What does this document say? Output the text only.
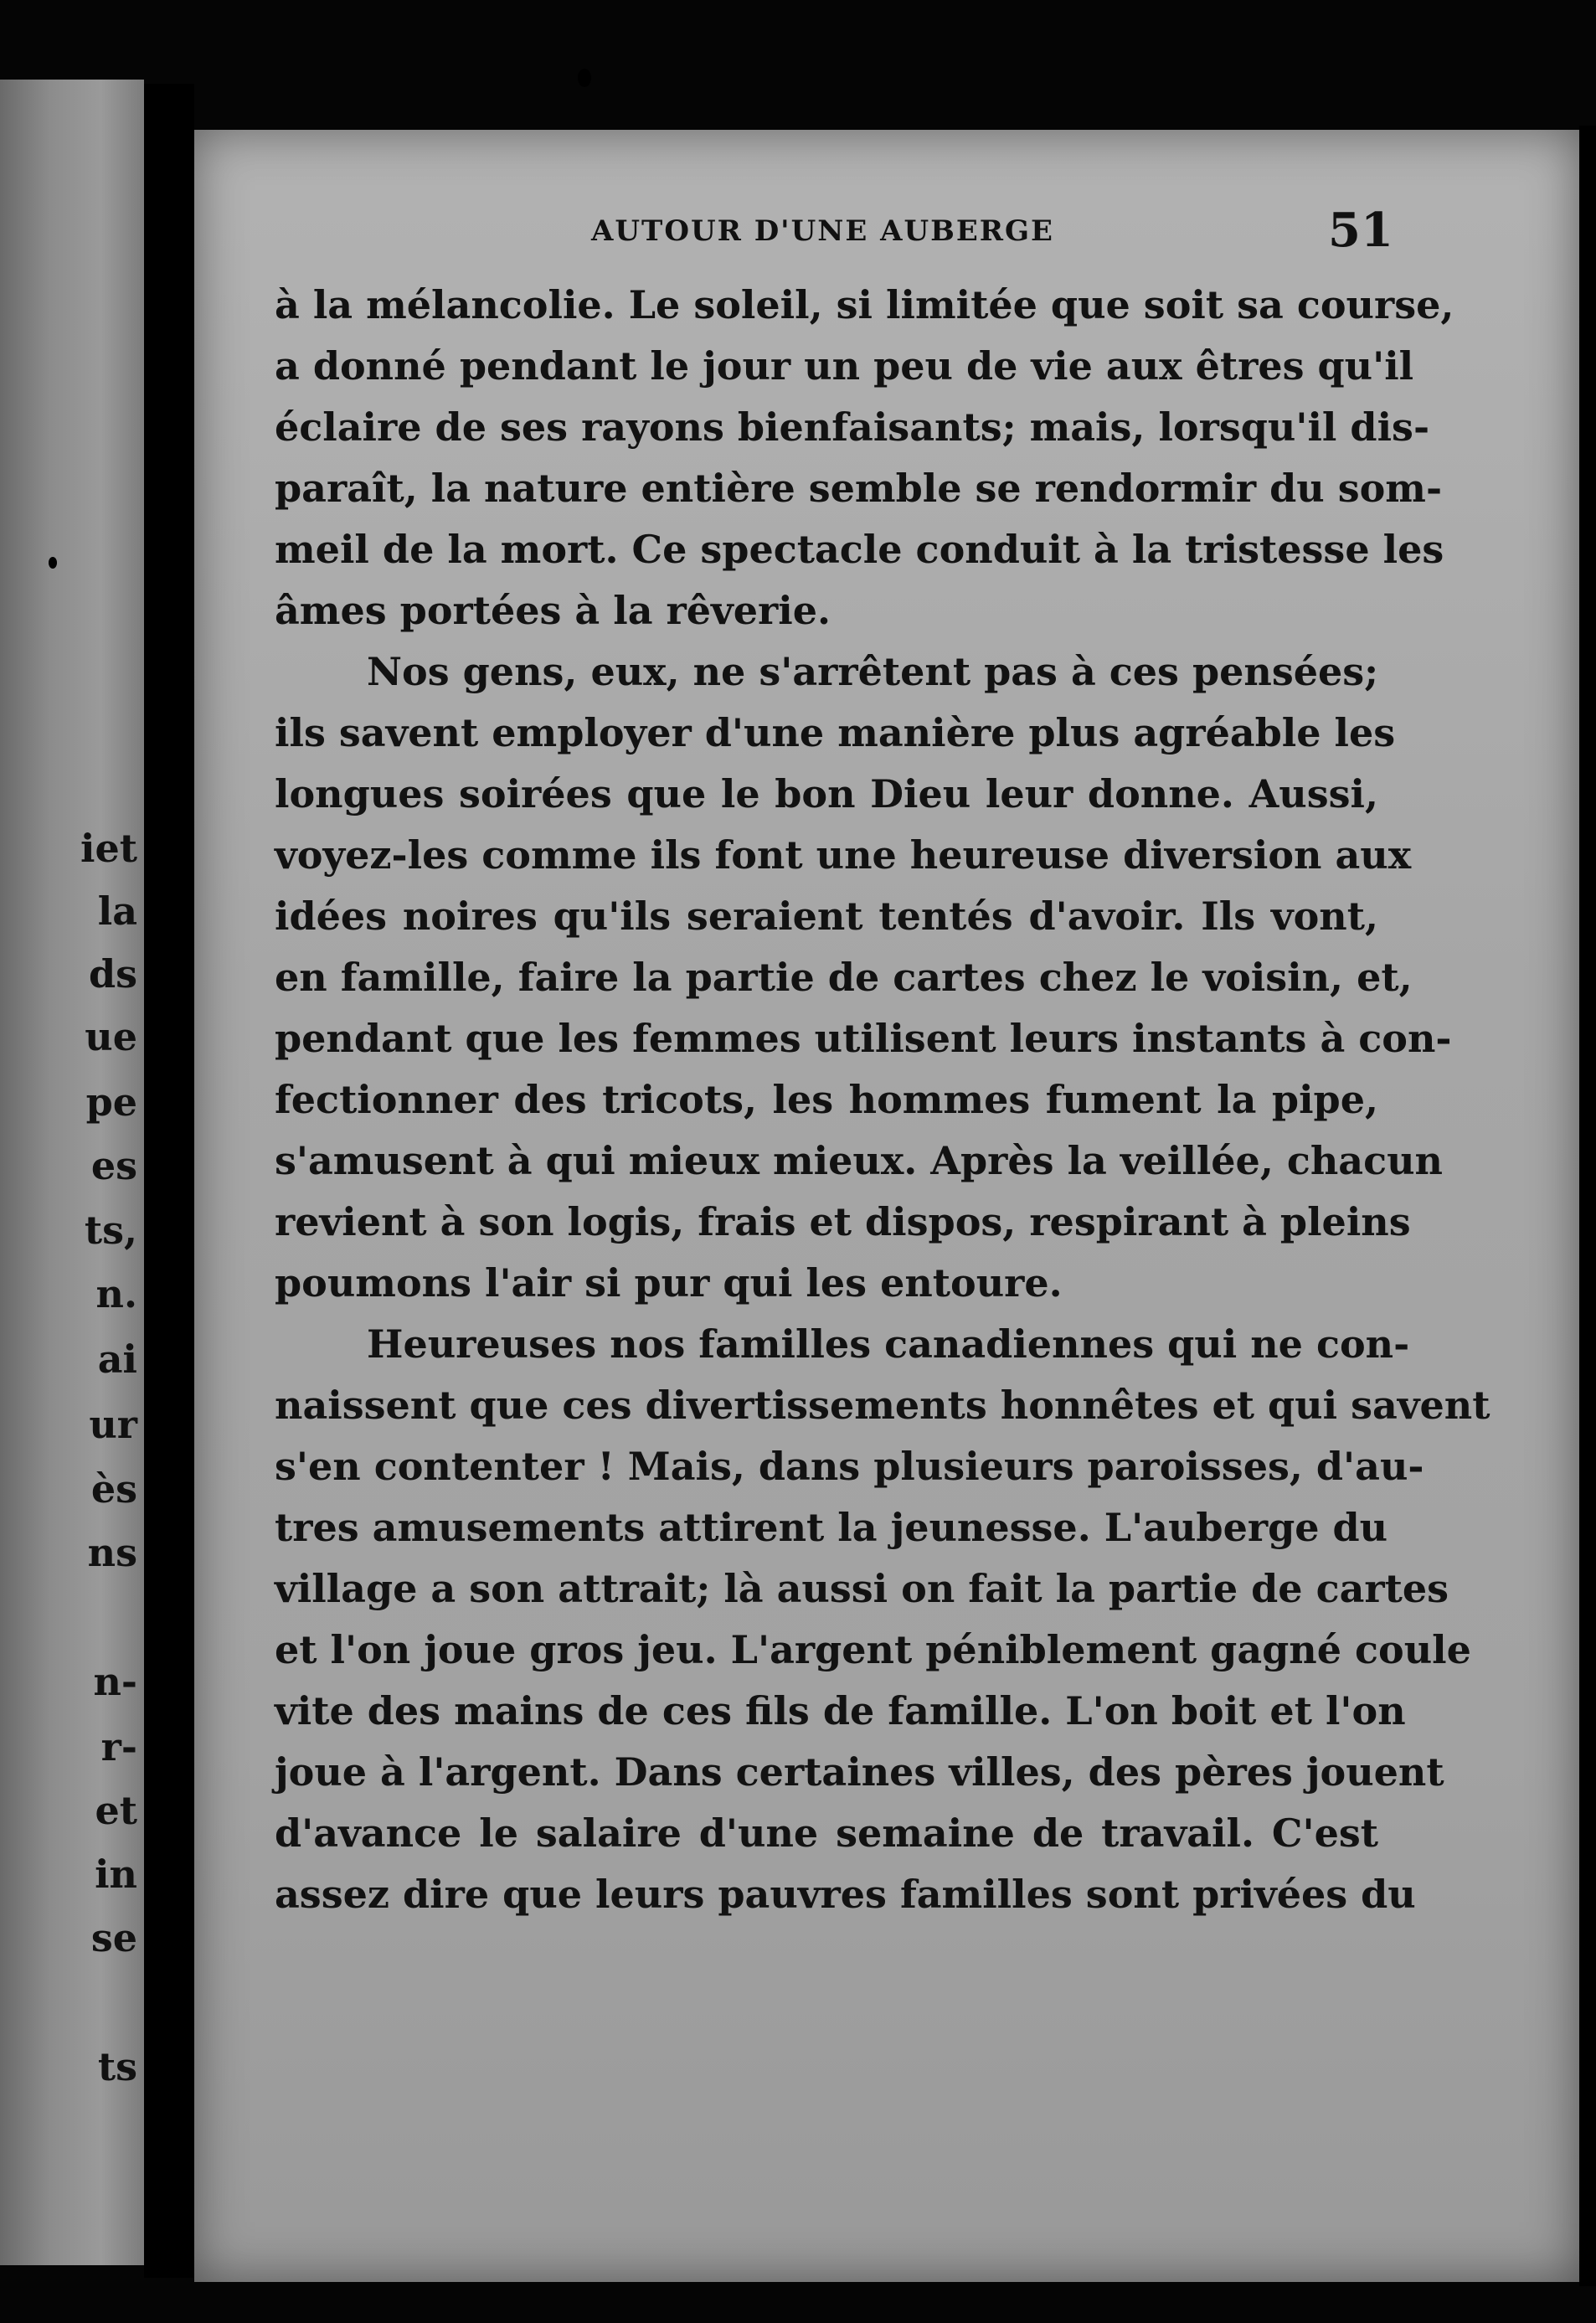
iet
la
ds
ue
pe
es
ts,
n.
ai
ur
ès
ns
n-
r-
et
in
se
ts
AUTOUR D'UNE AUBERGE	51
à la mélancolie. Le soleil, si limitée que soit sa course,
a donné pendant le jour un peu de vie aux êtres qu'il
éclaire de ses rayons bienfaisants; mais, lorsqu'il dis-
paraît, la nature entière semble se rendormir du som-
meil de la mort. Ce spectacle conduit à la tristesse les
âmes portées à la rêverie.
Nos gens, eux, ne s'arrêtent pas à ces pensées;
ils savent employer d'une manière plus agréable les
longues soirées que le bon Dieu leur donne. Aussi,
voyez-les comme ils font une heureuse diversion aux
idées noires qu'ils seraient tentés d'avoir. Ils vont,
en famille, faire la partie de cartes chez le voisin, et,
pendant que les femmes utilisent leurs instants à con-
fectionner des tricots, les hommes fument la pipe,
s'amusent à qui mieux mieux. Après la veillée, chacun
revient à son logis, frais et dispos, respirant à pleins
poumons l'air si pur qui les entoure.
Heureuses nos familles canadiennes qui ne con-
naissent que ces divertissements honnêtes et qui savent
s'en contenter ! Mais, dans plusieurs paroisses, d'au-
tres amusements attirent la jeunesse. L'auberge du
village a son attrait; là aussi on fait la partie de cartes
et l'on joue gros jeu. L'argent péniblement gagné coule
vite des mains de ces fils de famille. L'on boit et l'on
joue à l'argent. Dans certaines villes, des pères jouent
d'avance le salaire d'une semaine de travail. C'est
assez dire que leurs pauvres familles sont privées du
